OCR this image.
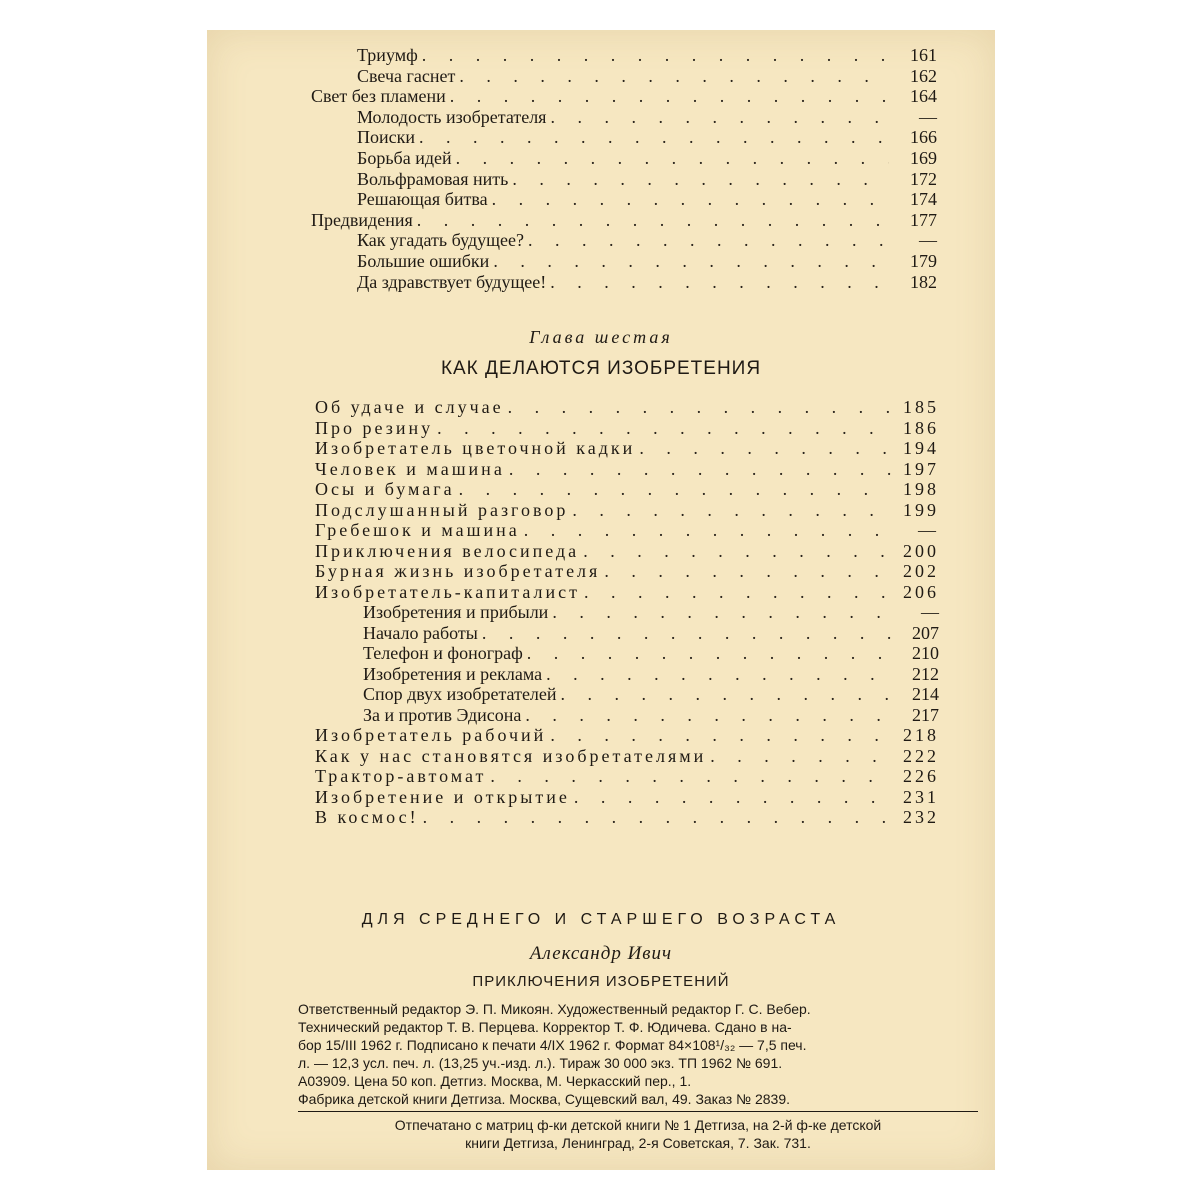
Триумф . . .	161
Свеча гаснет . . .	162
Свет без пламени . . .	164
Молодость изобретателя . . .	—
Поиски . . .	166
Борьба идей . . .	169
Вольфрамовая нить . . .	172
Решающая битва . . .	174
Предвидения . . .	177
Как угадать будущее? . . .	—
Большие ошибки . . .	179
Да здравствует будущее! . . .	182
Глава шестая
КАК ДЕЛАЮТСЯ ИЗОБРЕТЕНИЯ
Об удаче и случае . . .	185
Про резину . . .	186
Изобретатель цветочной кадки . . .	194
Человек и машина . . .	197
Осы и бумага . . .	198
Подслушанный разговор . . .	199
Гребешок и машина . . .	—
Приключения велосипеда . . .	200
Бурная жизнь изобретателя . . .	202
Изобретатель-капиталист . . .	206
Изобретения и прибыли . . .	—
Начало работы . . .	207
Телефон и фонограф . . .	210
Изобретения и реклама . . .	212
Спор двух изобретателей . . .	214
За и против Эдисона . . .	217
Изобретатель рабочий . . .	218
Как у нас становятся изобретателями . . .	222
Трактор-автомат . . .	226
Изобретение и открытие . . .	231
В космос! . . .	232
ДЛЯ СРЕДНЕГО И СТАРШЕГО ВОЗРАСТА
Александр Ивич
ПРИКЛЮЧЕНИЯ ИЗОБРЕТЕНИЙ
Ответственный редактор Э. П. Микоян. Художественный редактор Г. С. Вебер.
Технический редактор Т. В. Перцева. Корректор Т. Ф. Юдичева. Сдано в на-
бор 15/III 1962 г. Подписано к печати 4/IX 1962 г. Формат 84×108¹/₃₂ — 7,5 печ.
л. — 12,3 усл. печ. л. (13,25 уч.-изд. л.). Тираж 30 000 экз. ТП 1962 № 691.
А03909. Цена 50 коп. Детгиз. Москва, М. Черкасский пер., 1.
Фабрика детской книги Детгиза. Москва, Сущевский вал, 49. Заказ № 2839.
Отпечатано с матриц ф-ки детской книги № 1 Детгиза, на 2-й ф-ке детской
книги Детгиза, Ленинград, 2-я Советская, 7. Зак. 731.
